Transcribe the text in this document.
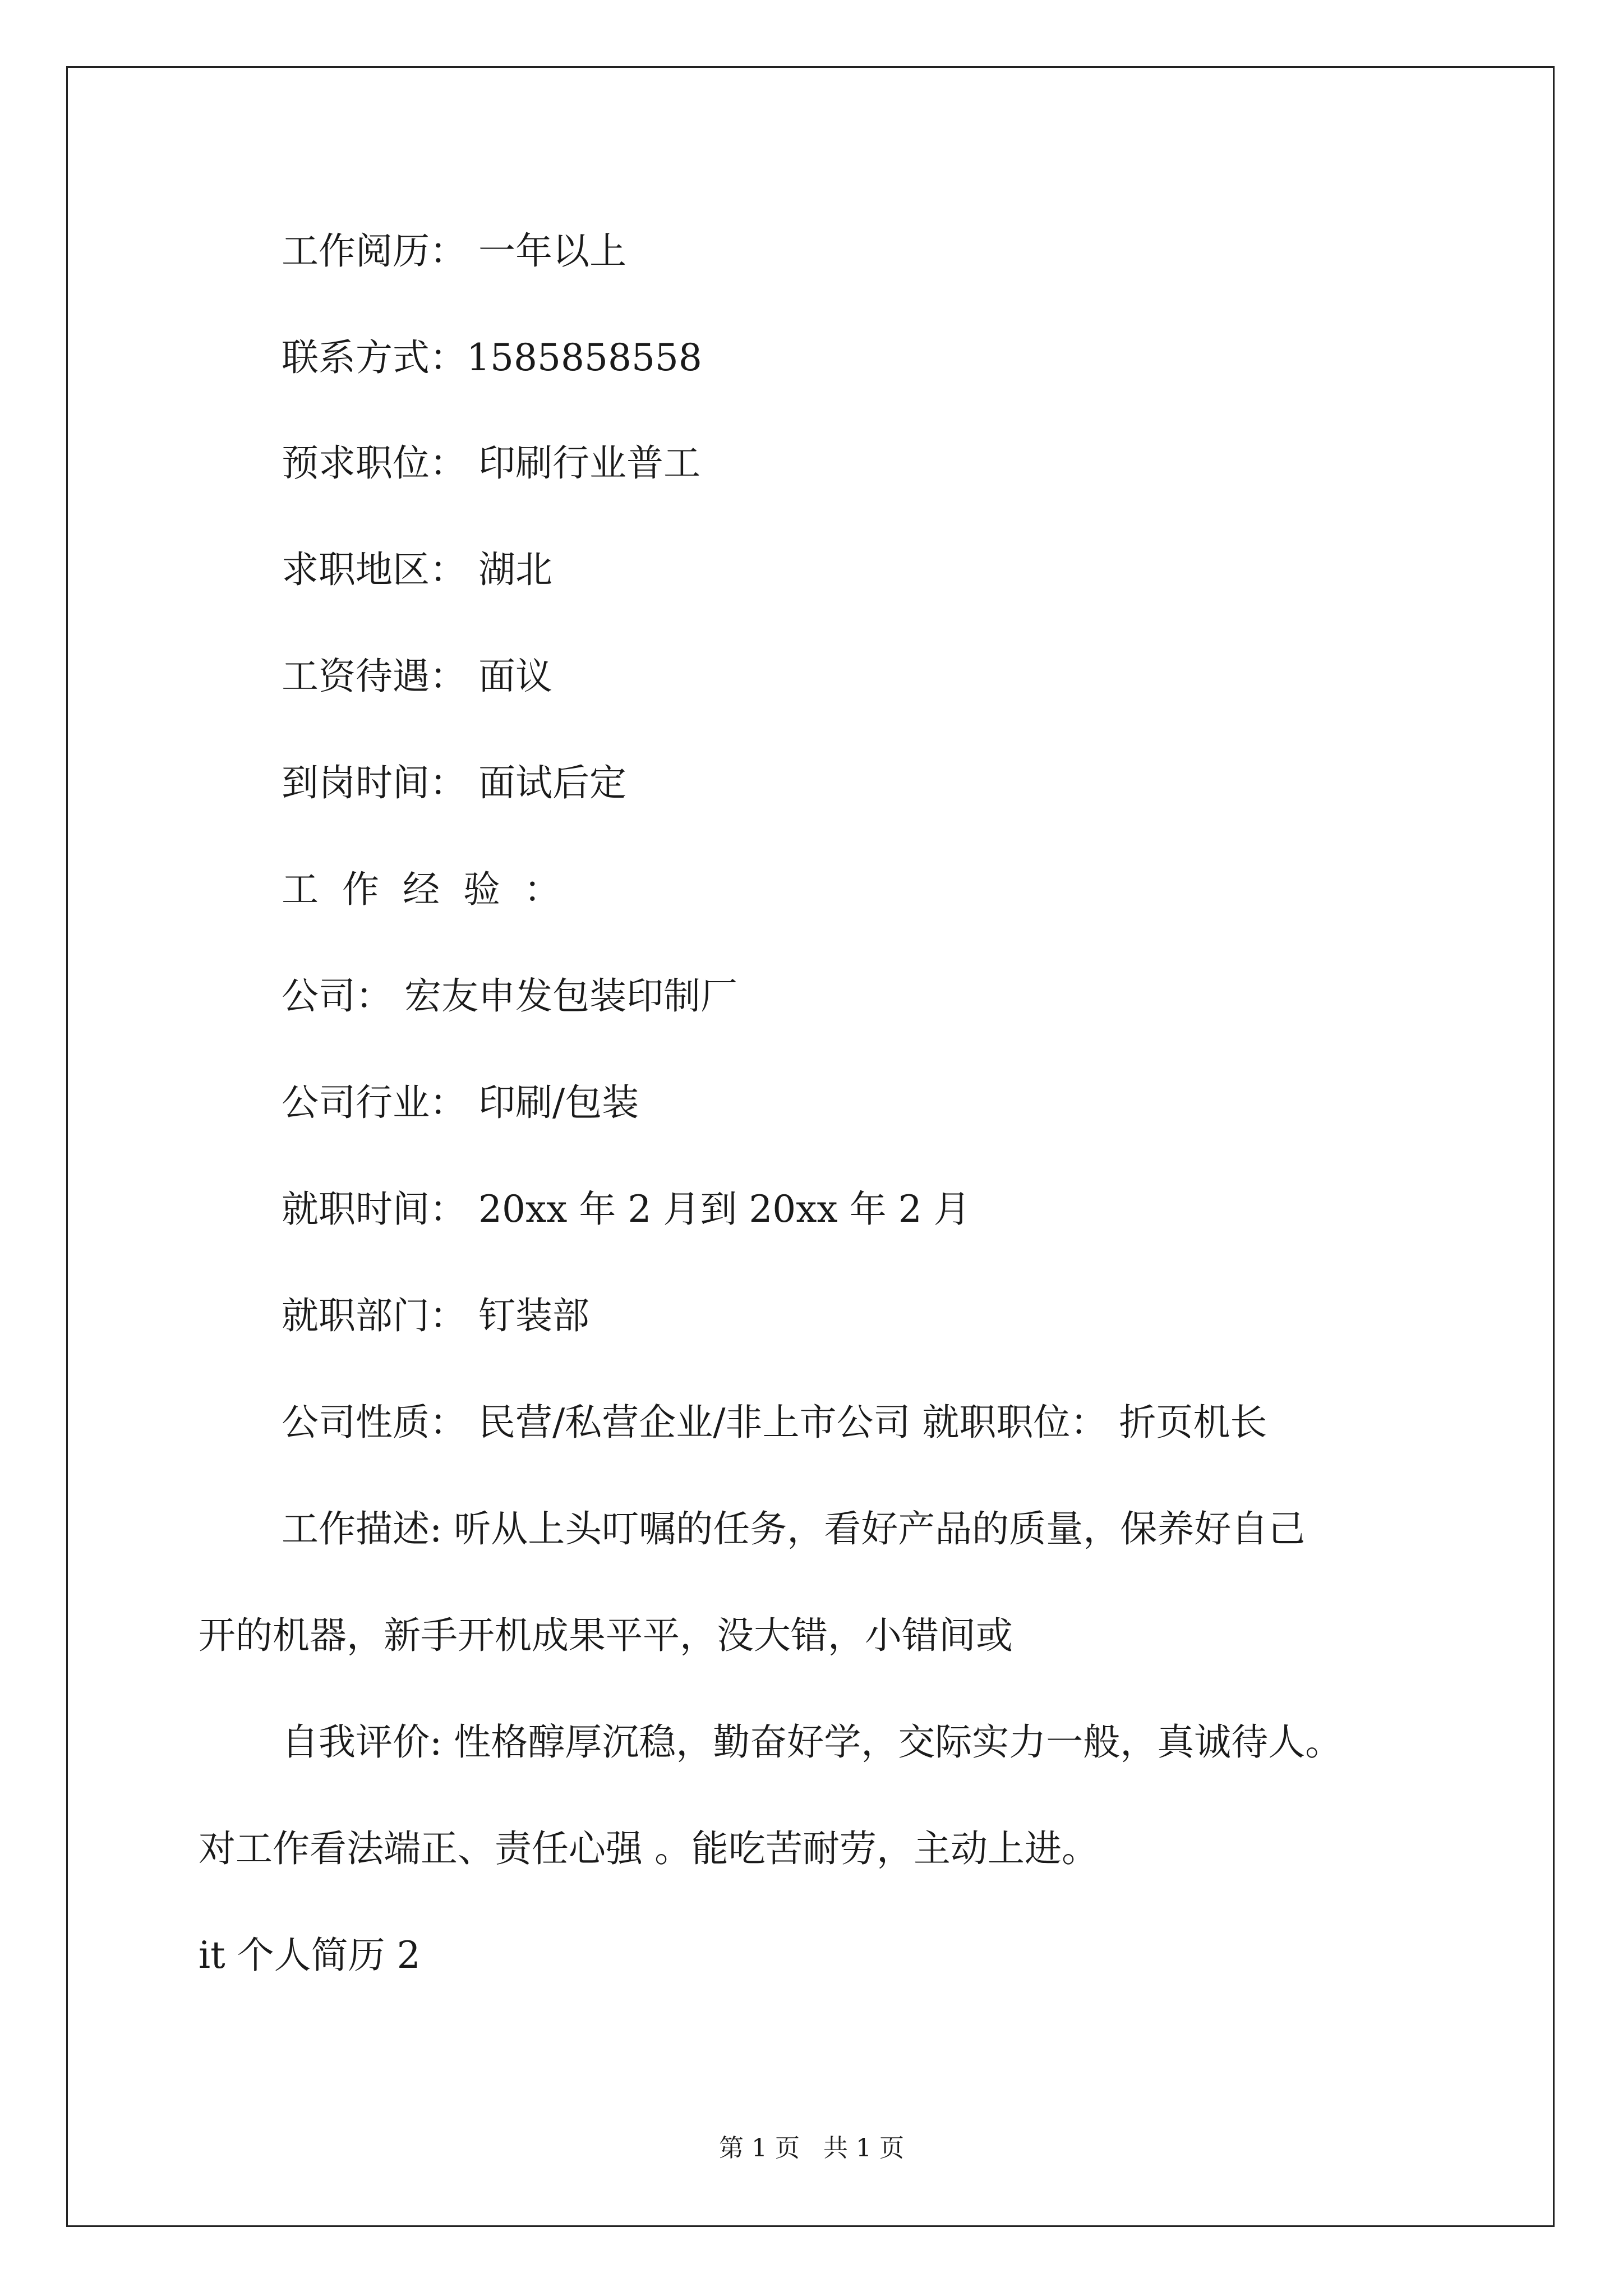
工作阅历： 一年以上
联系方式：1585858558
预求职位： 印刷行业普工
求职地区： 湖北
工资待遇： 面议
到岗时间： 面试后定
工作经验：
公司： 宏友申发包装印制厂
公司行业： 印刷/包装
就职时间： 20xx 年 2 月到 20xx 年 2 月
就职部门： 钉装部
公司性质： 民营/私营企业/非上市公司 就职职位： 折页机长
工作描述: 听从上头叮嘱的任务，看好产品的质量，保养好自己
开的机器，新手开机成果平平，没大错，小错间或
自我评价: 性格醇厚沉稳，勤奋好学，交际实力一般，真诚待人。
对工作看法端正、责任心强 。能吃苦耐劳，主动上进。
it 个人简历 2
第 1 页   共 1 页
